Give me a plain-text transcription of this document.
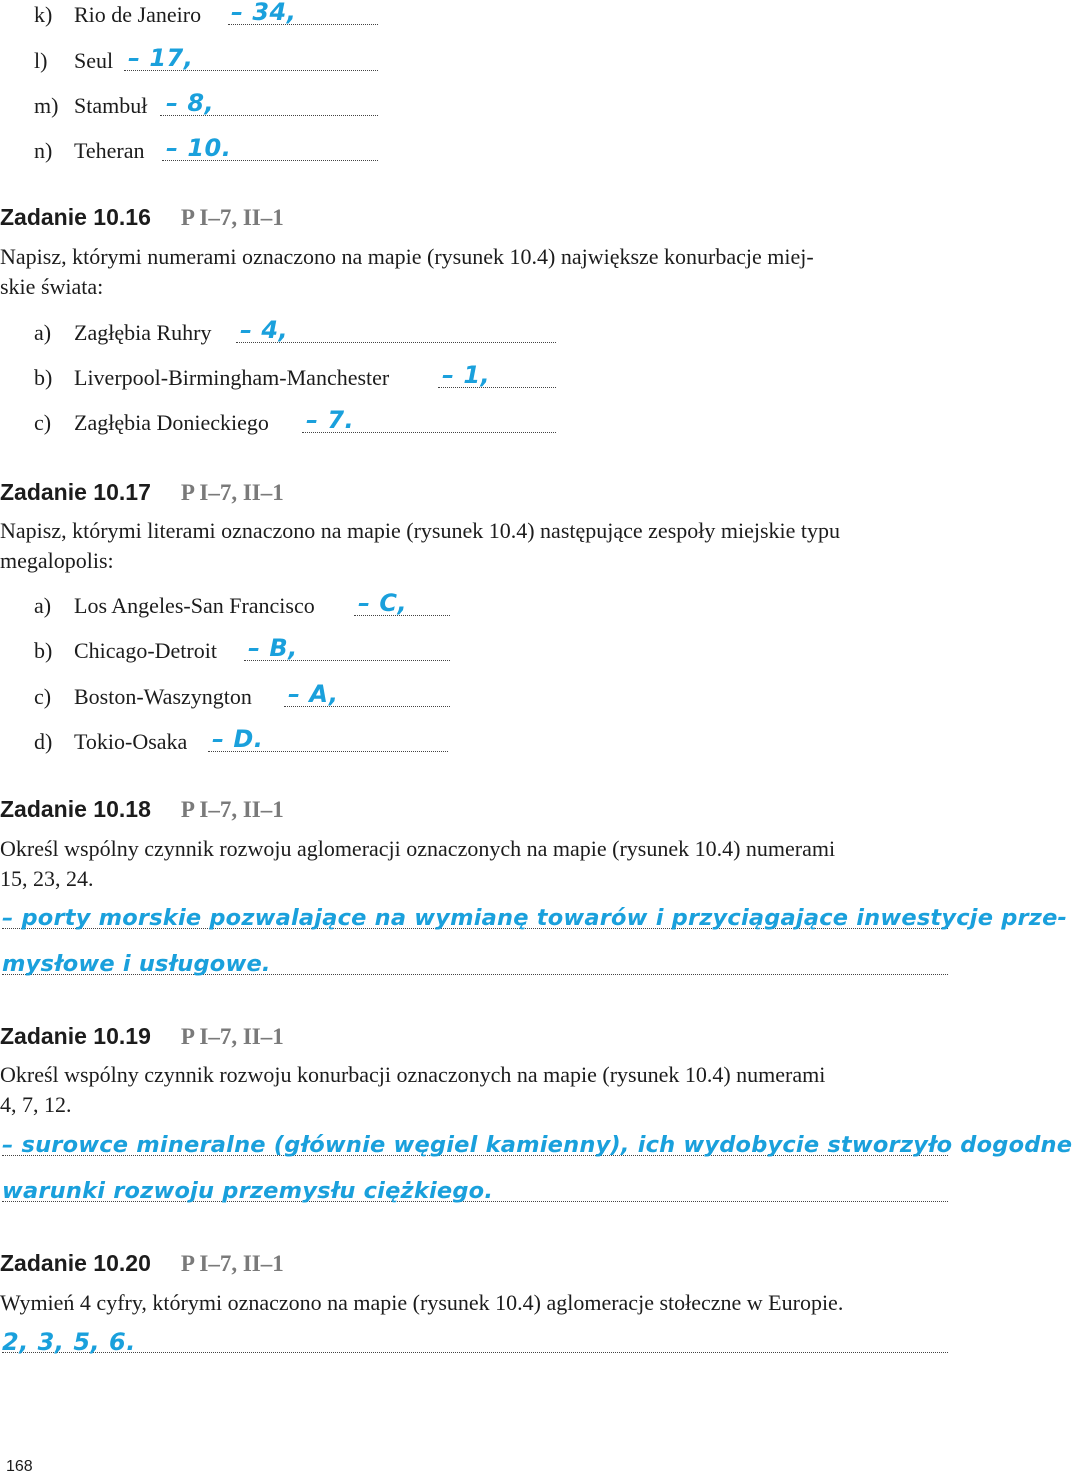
k) Rio de Janeiro – 34,
l) Seul – 17,
m) Stambuł – 8,
n) Teheran – 10.
Zadanie 10.16 P I–7, II–1
Napisz, którymi numerami oznaczono na mapie (rysunek 10.4) największe konurbacje miej-
skie świata:
a) Zagłębia Ruhry – 4,
b) Liverpool-Birmingham-Manchester – 1,
c) Zagłębia Donieckiego – 7.
Zadanie 10.17 P I–7, II–1
Napisz, którymi literami oznaczono na mapie (rysunek 10.4) następujące zespoły miejskie typu
megalopolis:
a) Los Angeles-San Francisco – C,
b) Chicago-Detroit – B,
c) Boston-Waszyngton – A,
d) Tokio-Osaka – D.
Zadanie 10.18 P I–7, II–1
Określ wspólny czynnik rozwoju aglomeracji oznaczonych na mapie (rysunek 10.4) numerami
15, 23, 24.
– porty morskie pozwalające na wymianę towarów i przyciągające inwestycje prze-
mysłowe i usługowe.
Zadanie 10.19 P I–7, II–1
Określ wspólny czynnik rozwoju konurbacji oznaczonych na mapie (rysunek 10.4) numerami
4, 7, 12.
– surowce mineralne (głównie węgiel kamienny), ich wydobycie stworzyło dogodne
warunki rozwoju przemysłu ciężkiego.
Zadanie 10.20 P I–7, II–1
Wymień 4 cyfry, którymi oznaczono na mapie (rysunek 10.4) aglomeracje stołeczne w Europie.
2, 3, 5, 6.
168
